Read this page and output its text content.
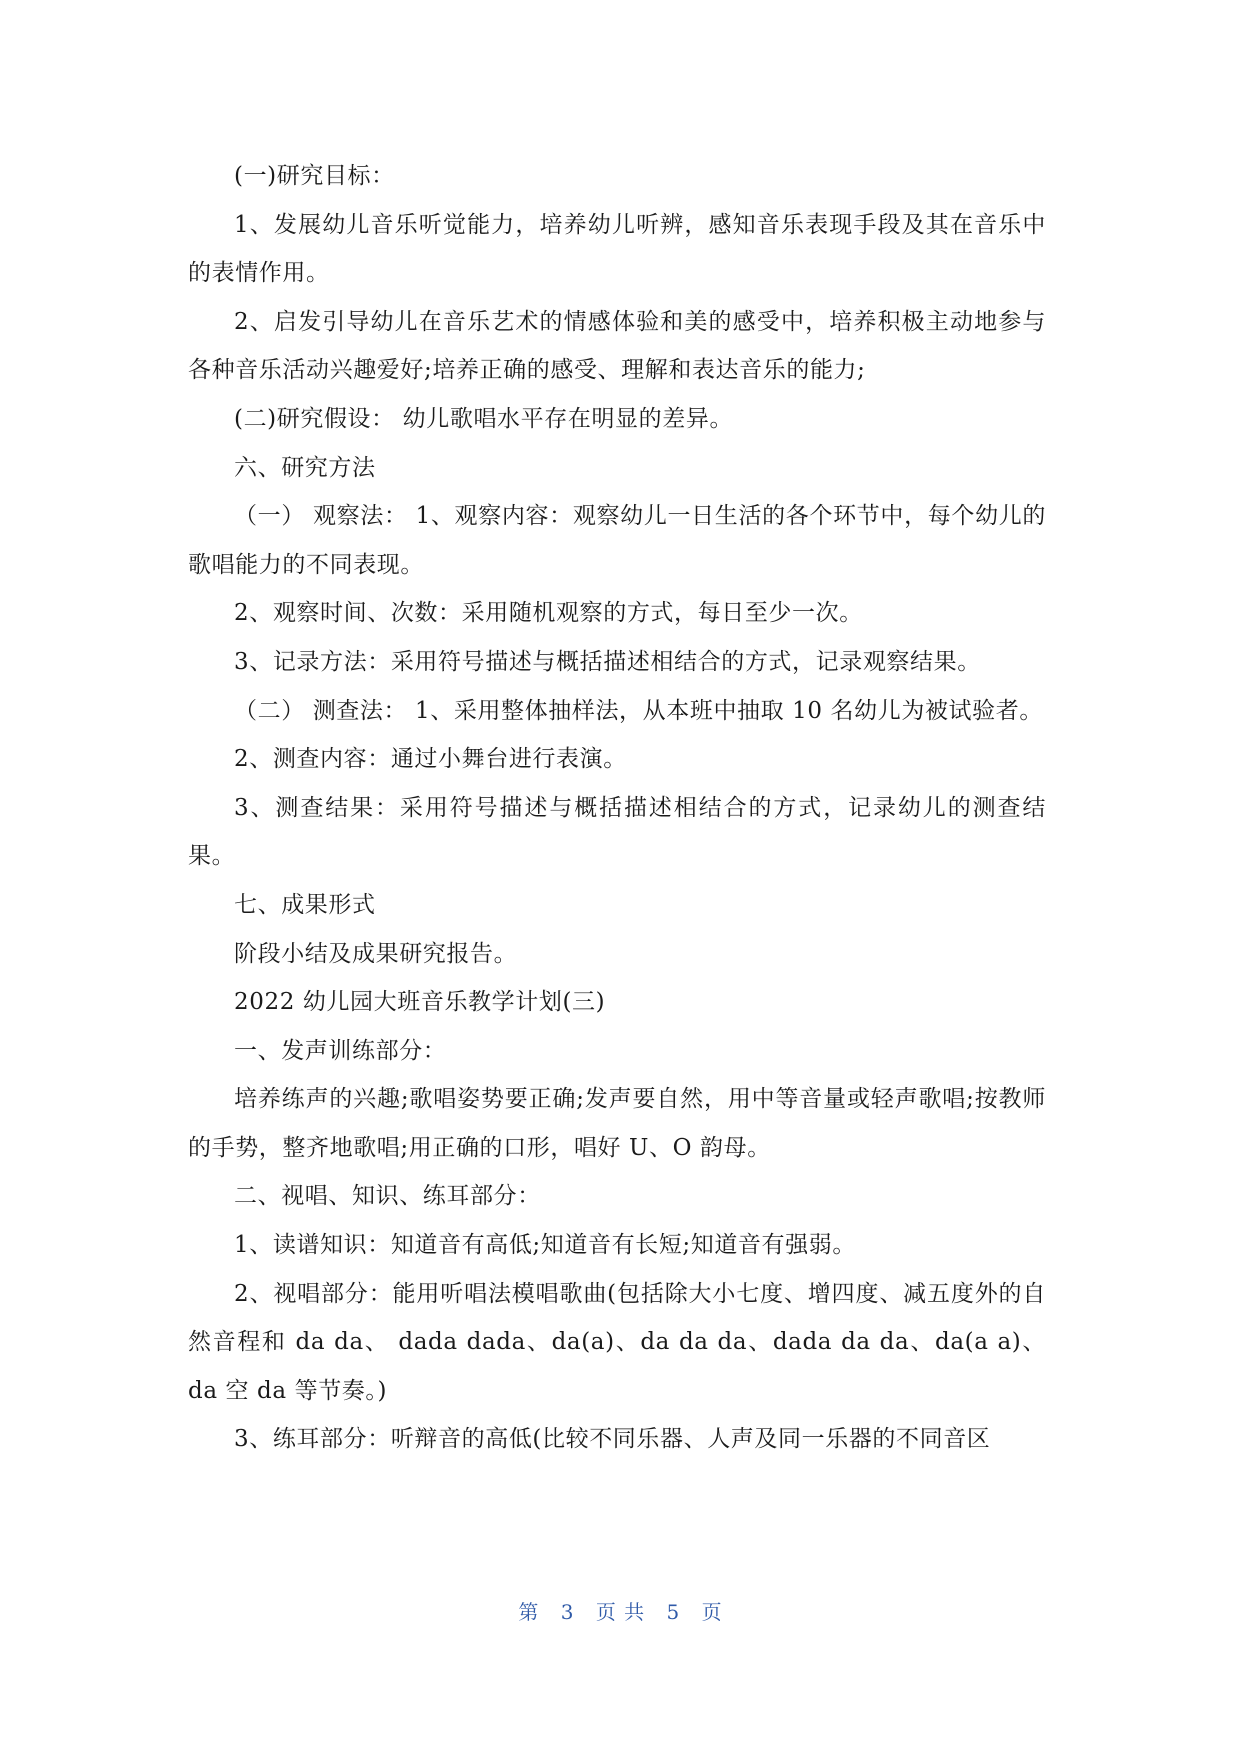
(一)研究目标：

1、发展幼儿音乐听觉能力，培养幼儿听辨，感知音乐表现手段及其在音乐中的表情作用。

2、启发引导幼儿在音乐艺术的情感体验和美的感受中，培养积极主动地参与各种音乐活动兴趣爱好;培养正确的感受、理解和表达音乐的能力;

(二)研究假设： 幼儿歌唱水平存在明显的差异。

六、研究方法

（一） 观察法： 1、观察内容：观察幼儿一日生活的各个环节中，每个幼儿的歌唱能力的不同表现。

2、观察时间、次数：采用随机观察的方式，每日至少一次。

3、记录方法：采用符号描述与概括描述相结合的方式，记录观察结果。

（二） 测查法： 1、采用整体抽样法，从本班中抽取 10 名幼儿为被试验者。

2、测查内容：通过小舞台进行表演。

3、测查结果：采用符号描述与概括描述相结合的方式，记录幼儿的测查结果。

七、成果形式

阶段小结及成果研究报告。

2022 幼儿园大班音乐教学计划(三)

一、发声训练部分：

培养练声的兴趣;歌唱姿势要正确;发声要自然，用中等音量或轻声歌唱;按教师的手势，整齐地歌唱;用正确的口形，唱好 U、O 韵母。

二、视唱、知识、练耳部分：

1、读谱知识：知道音有高低;知道音有长短;知道音有强弱。

2、视唱部分：能用听唱法模唱歌曲(包括除大小七度、增四度、减五度外的自然音程和 da da、 dada dada、da(a)、da da da、dada da da、da(a a)、da 空 da 等节奏。)

3、练耳部分：听辩音的高低(比较不同乐器、人声及同一乐器的不同音区

第 3 页 共 5 页
